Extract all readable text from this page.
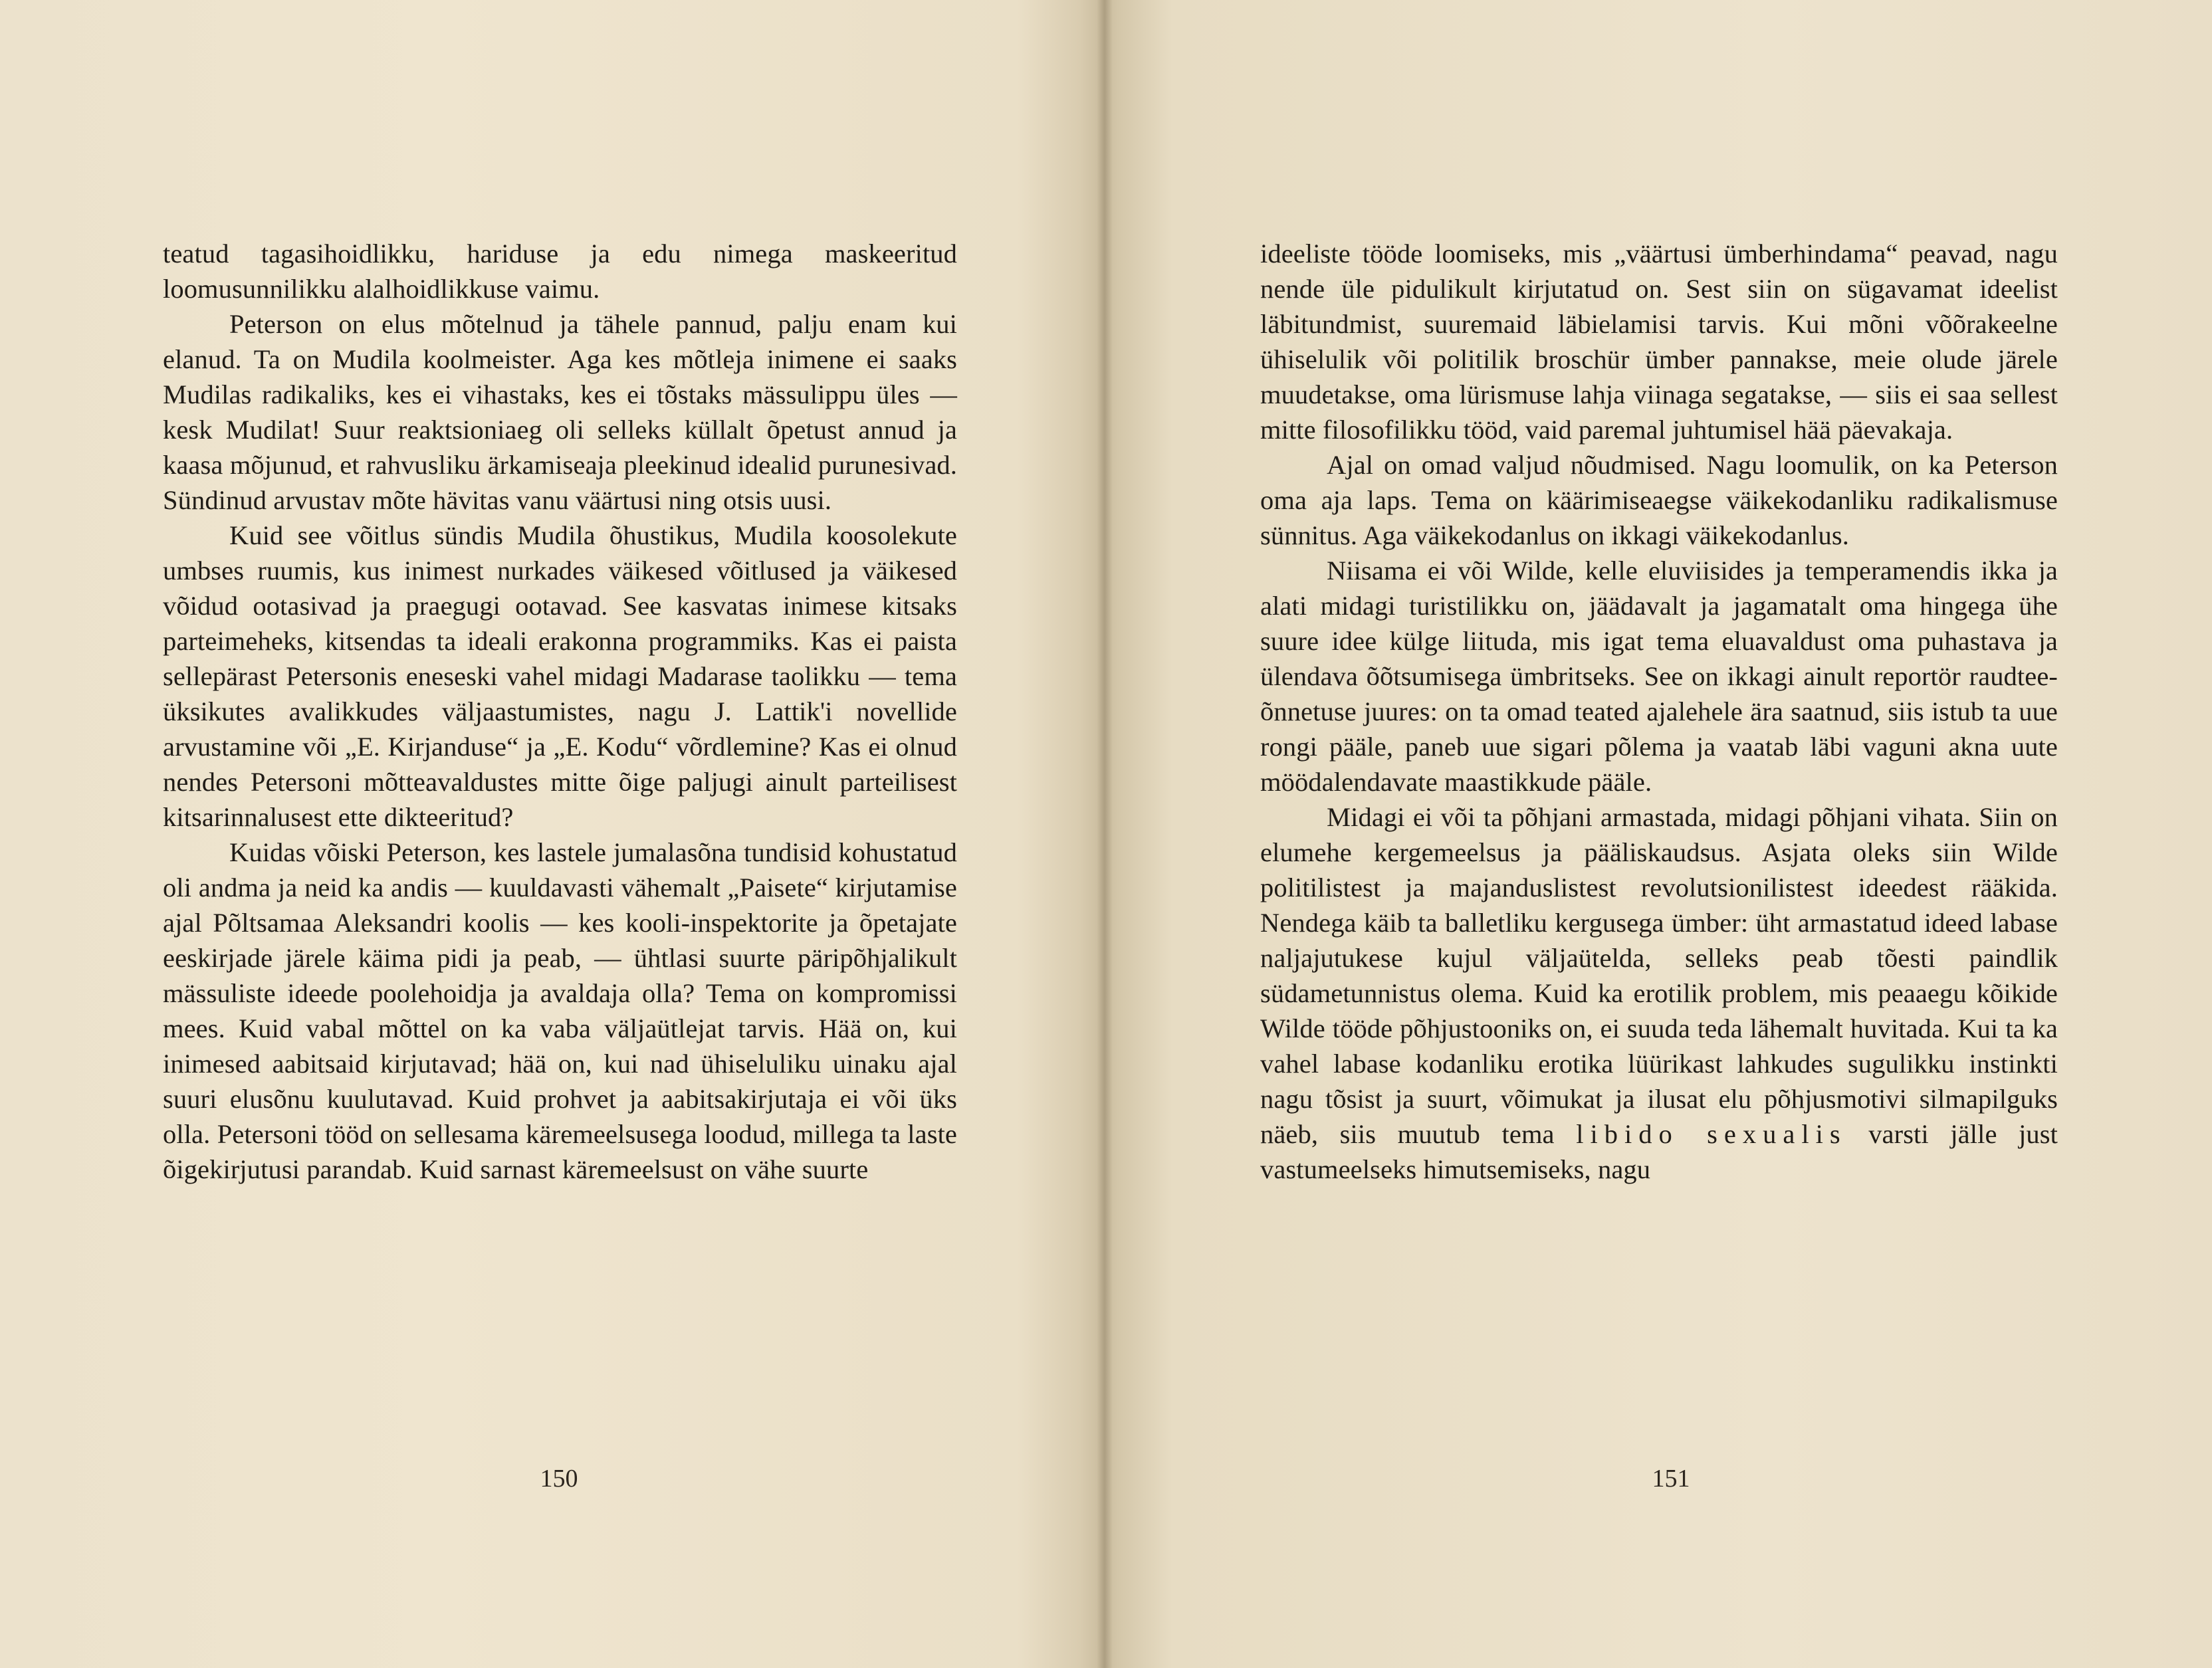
teatud tagasihoidlikku, hariduse ja edu nimega maskeeritud loomusunnilikku alalhoidlikkuse vaimu.

Peterson on elus mõtelnud ja tähele pannud, palju enam kui elanud. Ta on Mudila koolmeister. Aga kes mõtleja inimene ei saaks Mudilas radikaliks, kes ei vihastaks, kes ei tõstaks mässulippu üles — kesk Mudilat! Suur reaktsioniaeg oli selleks küllalt õpetust annud ja kaasa mõjunud, et rahvusliku ärkamiseaja pleekinud idealid purunesivad. Sündinud arvustav mõte hävitas vanu väärtusi ning otsis uusi.

Kuid see võitlus sündis Mudila õhustikus, Mudila koosolekute umbses ruumis, kus inimest nurkades väikesed võitlused ja väikesed võidud ootasivad ja praegugi ootavad. See kasvatas inimese kitsaks parteimeheks, kitsendas ta ideali erakonna programmiks. Kas ei paista sellepärast Petersonis eneseski vahel midagi Madarase taolikku — tema üksikutes avalikkudes väljaastumistes, nagu J. Lattik'i novellide arvustamine või „E. Kirjanduse“ ja „E. Kodu“ võrdlemine? Kas ei olnud nendes Petersoni mõtteavaldustes mitte õige paljugi ainult parteilisest kitsarinnalusest ette dikteeritud?

Kuidas võiski Peterson, kes lastele jumalasõna tundisid kohustatud oli andma ja neid ka andis — kuuldavasti vähemalt „Paisete“ kirjutamise ajal Põltsamaa Aleksandri koolis — kes kooli-inspektorite ja õpetajate eeskirjade järele käima pidi ja peab, — ühtlasi suurte päripõhjalikult mässuliste ideede poolehoidja ja avaldaja olla? Tema on kompromissi mees. Kuid vabal mõttel on ka vaba väljaütlejat tarvis. Hää on, kui inimesed aabitsaid kirjutavad; hää on, kui nad ühiseluliku uinaku ajal suuri elusõnu kuulutavad. Kuid prohvet ja aabitsakirjutaja ei või üks olla. Petersoni tööd on sellesama käremeelsusega loodud, millega ta laste õigekirjutusi parandab. Kuid sarnast käremeelsust on vähe suurte

150

ideeliste tööde loomiseks, mis „väärtusi ümberhindama“ peavad, nagu nende üle pidulikult kirjutatud on. Sest siin on sügavamat ideelist läbitundmist, suuremaid läbielamisi tarvis. Kui mõni võõrakeelne ühiselulik või politilik broschür ümber pannakse, meie olude järele muudetakse, oma lürismuse lahja viinaga segatakse, — siis ei saa sellest mitte filosofilikku tööd, vaid paremal juhtumisel hää päevakaja.

Ajal on omad valjud nõudmised. Nagu loomulik, on ka Peterson oma aja laps. Tema on käärimiseaegse väikekodanliku radikalismuse sünnitus. Aga väikekodanlus on ikkagi väikekodanlus.

Niisama ei või Wilde, kelle eluviisides ja temperamendis ikka ja alati midagi turistilikku on, jäädavalt ja jagamatalt oma hingega ühe suure idee külge liituda, mis igat tema eluavaldust oma puhastava ja ülendava õõtsumisega ümbritseks. See on ikkagi ainult reportör raudtee-õnnetuse juures: on ta omad teated ajalehele ära saatnud, siis istub ta uue rongi pääle, paneb uue sigari põlema ja vaatab läbi vaguni akna uute möödalendavate maastikkude pääle.

Midagi ei või ta põhjani armastada, midagi põhjani vihata. Siin on elumehe kergemeelsus ja pääliskaudsus. Asjata oleks siin Wilde politilistest ja majanduslistest revolutsionilistest ideedest rääkida. Nendega käib ta balletliku kergusega ümber: üht armastatud ideed labase naljajutukese kujul väljaütelda, selleks peab tõesti paindlik südametunnistus olema. Kuid ka erotilik problem, mis peaaegu kõikide Wilde tööde põhjustooniks on, ei suuda teda lähemalt huvitada. Kui ta ka vahel labase kodanliku erotika lüürikast lahkudes sugulikku instinkti nagu tõsist ja suurt, võimukat ja ilusat elu põhjusmotivi silmapilguks näeb, siis muutub tema libido sexualis varsti jälle just vastumeelseks himutsemiseks, nagu

151
